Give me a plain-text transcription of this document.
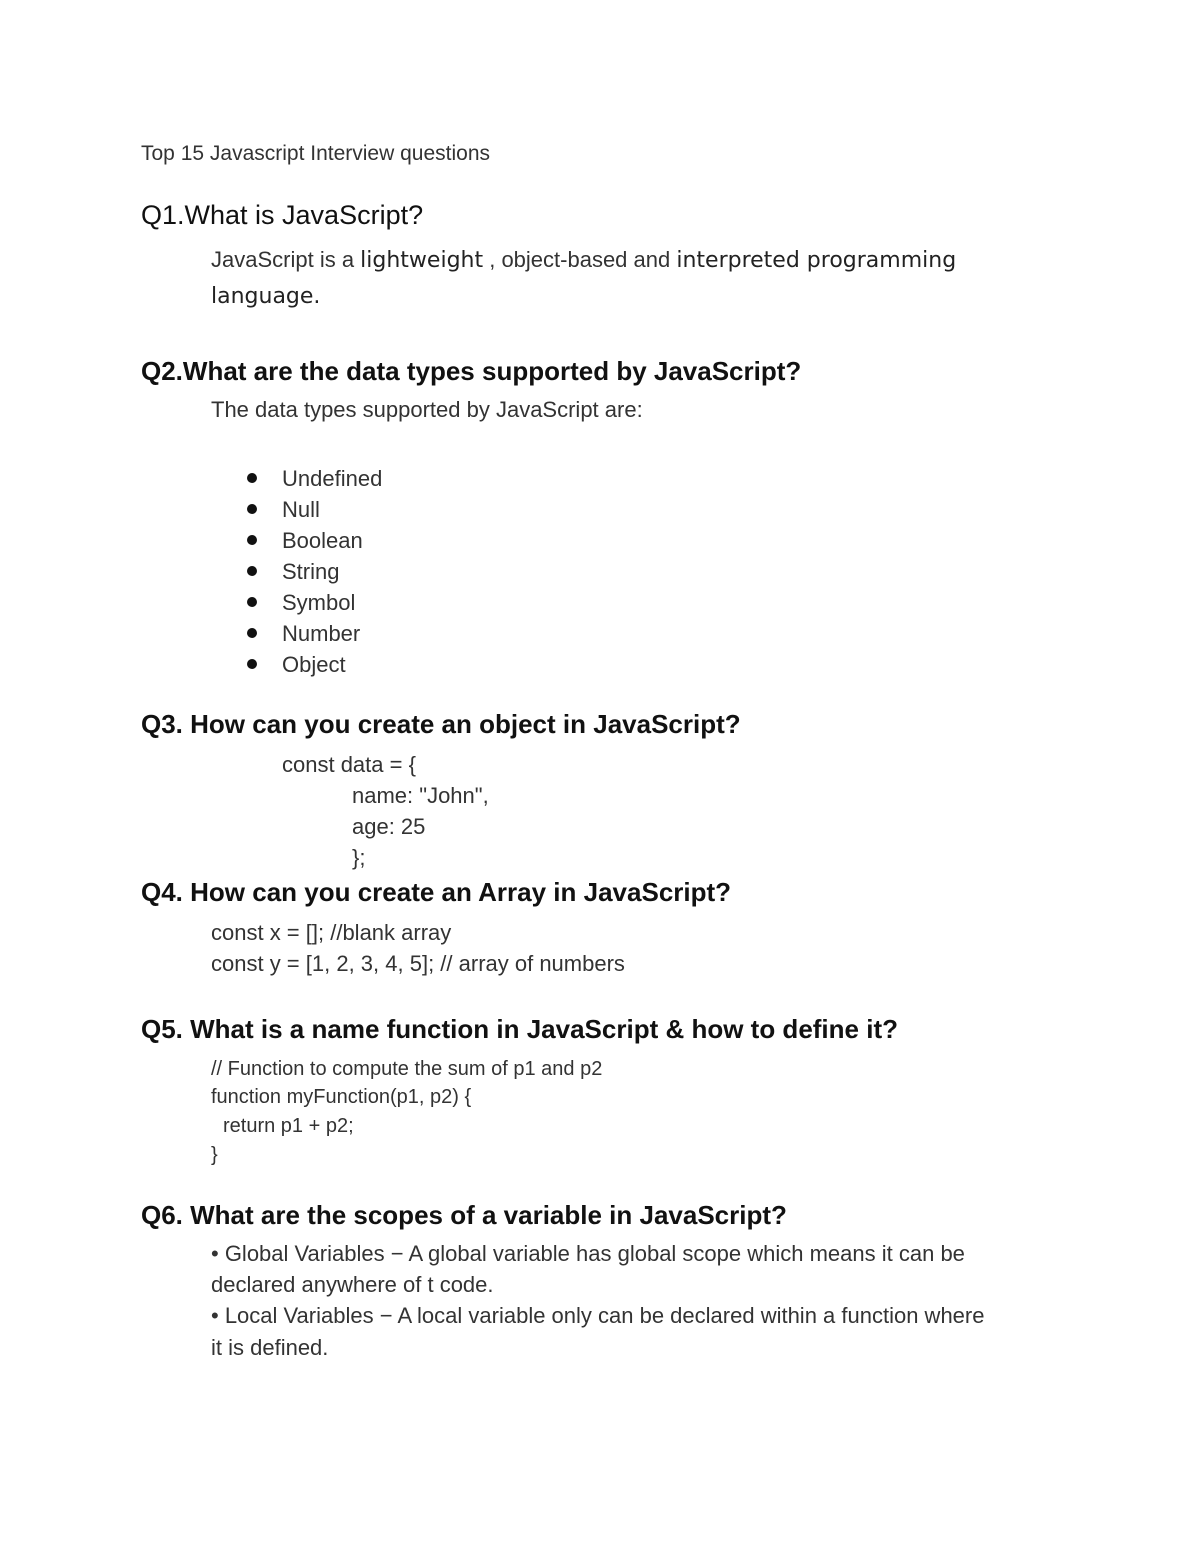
Top 15 Javascript Interview questions
Q1.What is JavaScript?
JavaScript is a lightweight , object-based and interpreted programming
language.
Q2.What are the data types supported by JavaScript?
The data types supported by JavaScript are:
Undefined
Null
Boolean
String
Symbol
Number
Object
Q3. How can you create an object in JavaScript?
const data = {
name: "John",
age: 25
};
Q4. How can you create an Array in JavaScript?
const x = []; //blank array
const y = [1, 2, 3, 4, 5]; // array of numbers
Q5. What is a name function in JavaScript & how to define it?
// Function to compute the sum of p1 and p2
function myFunction(p1, p2) {
return p1 + p2;
}
Q6. What are the scopes of a variable in JavaScript?
• Global Variables − A global variable has global scope which means it can be
declared anywhere of t code.
• Local Variables − A local variable only can be declared within a function where
it is defined.
